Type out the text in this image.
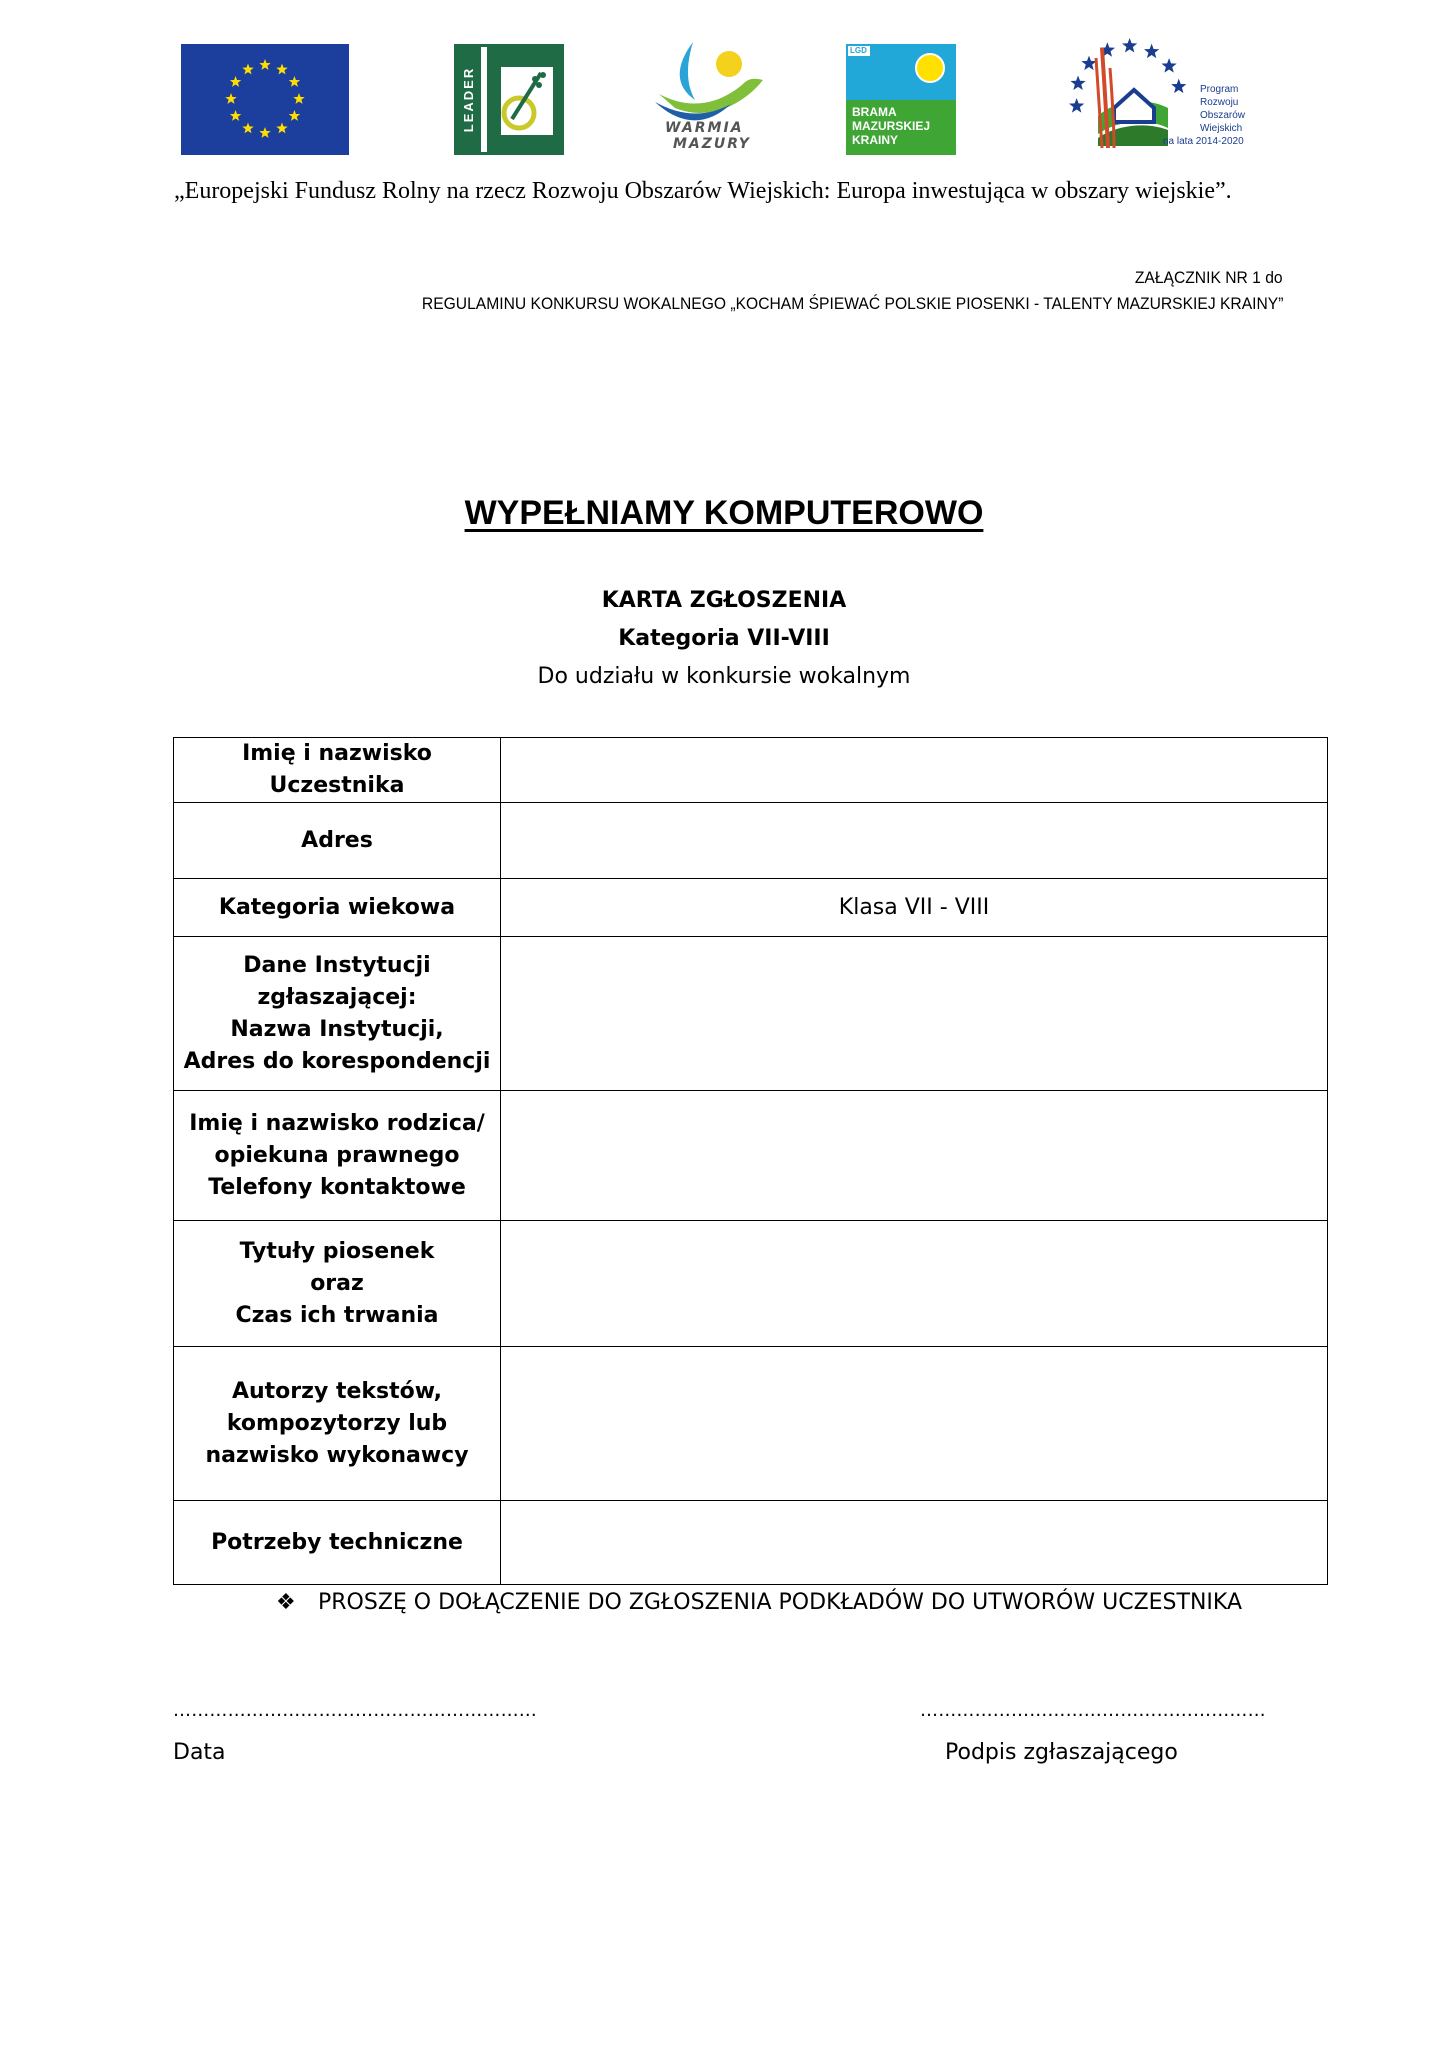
LEADER	WARMIA
MAZURY
LGD
BRAMA
MAZURSKIEJ
KRAINY
Program
Rozwoju
Obszarów
Wiejskich
na lata 2014-2020
„Europejski Fundusz Rolny na rzecz Rozwoju Obszarów Wiejskich: Europa inwestująca w obszary wiejskie”.
ZAŁĄCZNIK NR 1 do
REGULAMINU KONKURSU WOKALNEGO „KOCHAM ŚPIEWAĆ POLSKIE PIOSENKI - TALENTY MAZURSKIEJ KRAINY”
WYPEŁNIAMY KOMPUTEROWO
KARTA ZGŁOSZENIA
Kategoria VII-VIII
Do udziału w konkursie wokalnym
Imię i nazwisko Uczestnika	

Adres	

Kategoria wiekowa	Klasa VII - VIII

Dane Instytucji
zgłaszającej:
Nazwa Instytucji,
Adres do korespondencji	

Imię i nazwisko rodzica/
opiekuna prawnego
Telefony kontaktowe	

Tytuły piosenek
oraz
Czas ich trwania	

Autorzy tekstów,
kompozytorzy lub
nazwisko wykonawcy	

Potrzeby techniczne	

❖ PROSZĘ O DOŁĄCZENIE DO ZGŁOSZENIA PODKŁADÓW DO UTWORÓW UCZESTNIKA
……………………………………………………	…………………………………………………
Data	Podpis zgłaszającego
